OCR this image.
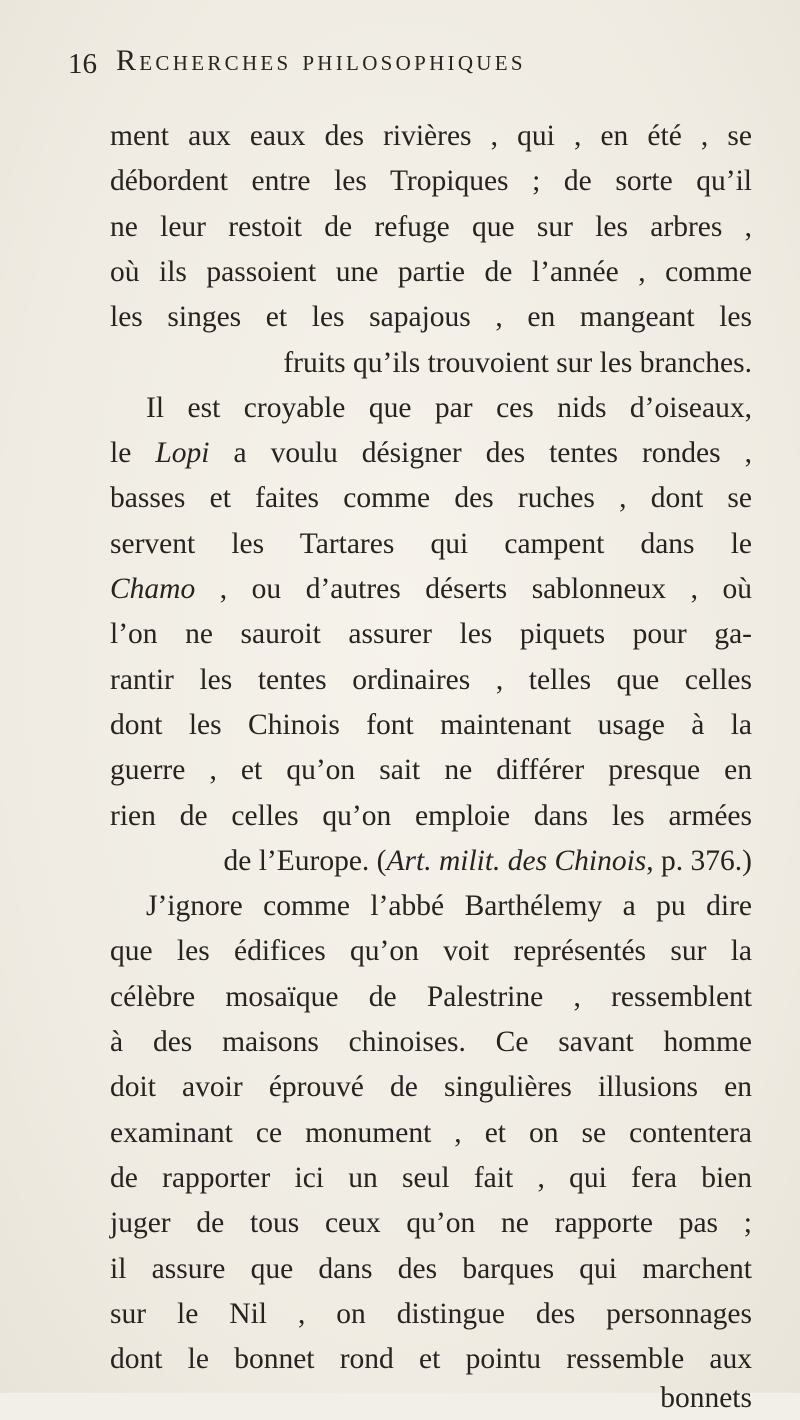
16 Recherches philosophiques
ment aux eaux des rivières , qui , en été , se
débordent entre les Tropiques ; de sorte qu’il
ne leur restoit de refuge que sur les arbres ,
où ils passoient une partie de l’année , comme
les singes et les sapajous , en mangeant les
fruits qu’ils trouvoient sur les branches.
Il est croyable que par ces nids d’oiseaux,
le Lopi a voulu désigner des tentes rondes ,
basses et faites comme des ruches , dont se
servent les Tartares qui campent dans le
Chamo , ou d’autres déserts sablonneux , où
l’on ne sauroit assurer les piquets pour ga-
rantir les tentes ordinaires , telles que celles
dont les Chinois font maintenant usage à la
guerre , et qu’on sait ne différer presque en
rien de celles qu’on emploie dans les armées
de l’Europe. (Art. milit. des Chinois, p. 376.)
J’ignore comme l’abbé Barthélemy a pu dire
que les édifices qu’on voit représentés sur la
célèbre mosaïque de Palestrine , ressemblent
à des maisons chinoises. Ce savant homme
doit avoir éprouvé de singulières illusions en
examinant ce monument , et on se contentera
de rapporter ici un seul fait , qui fera bien
juger de tous ceux qu’on ne rapporte pas ;
il assure que dans des barques qui marchent
sur le Nil , on distingue des personnages
dont le bonnet rond et pointu ressemble aux
bonnets
